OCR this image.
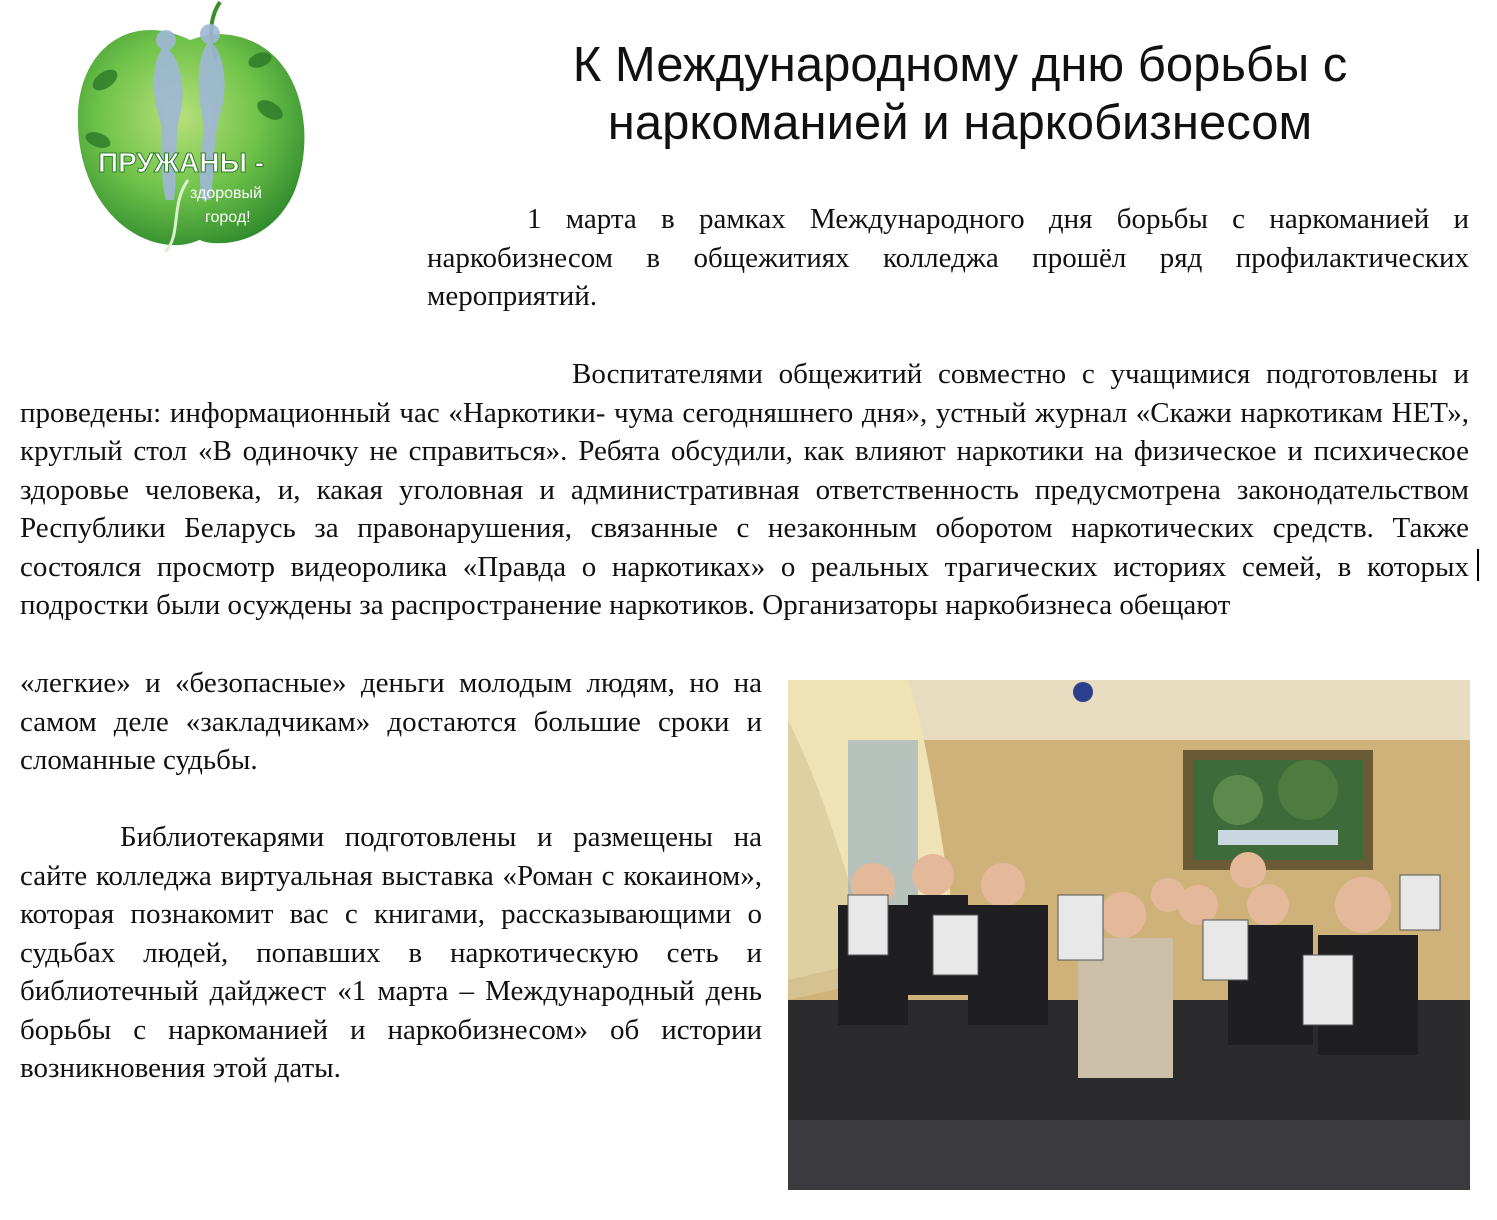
ПРУЖАНЫ -
здоровый
город!
К Международному дню борьбы с
наркоманией и наркобизнесом

1 марта в рамках Международного дня борьбы с наркоманией и наркобизнесом в общежитиях колледжа прошёл ряд профилактических мероприятий.

Воспитателями общежитий совместно с учащимися подготовлены и проведены: информационный час «Наркотики- чума сегодняшнего дня», устный журнал «Скажи наркотикам НЕТ», круглый стол «В одиночку не справиться». Ребята обсудили, как влияют наркотики на физическое и психическое здоровье человека, и, какая уголовная и административная ответственность предусмотрена законодательством Республики Беларусь за правонарушения, связанные с незаконным оборотом наркотических средств. Также состоялся просмотр видеоролика «Правда о наркотиках» о реальных трагических историях семей, в которых подростки были осуждены за распространение наркотиков. Организаторы наркобизнеса обещают

«легкие» и «безопасные» деньги молодым людям, но на самом деле «закладчикам» достаются большие сроки и сломанные судьбы.

Библиотекарями подготовлены и размещены на сайте колледжа виртуальная выставка «Роман с кокаином», которая познакомит вас с книгами, рассказывающими о судьбах людей, попавших в наркотическую сеть и библиотечный дайджест «1 марта – Международный день борьбы с наркоманией и наркобизнесом» об истории возникновения этой даты.
